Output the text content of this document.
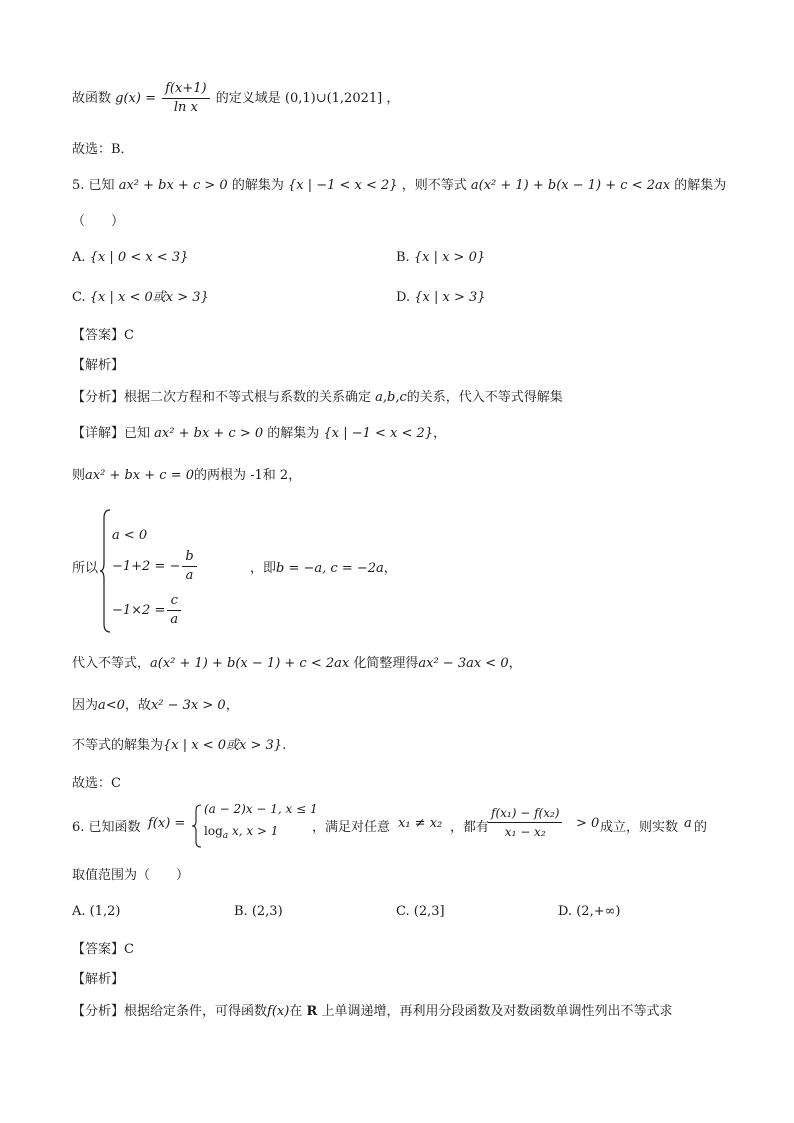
故函数 $g(x) = \frac{f(x+1)}{\text{ln x}}$ 的定义域是 (0,1)∪(1,2021] ，
故选：B．
5. 已知 ax² + bx + c > 0 的解集为 {x | −1 < x < 2} ，则不等式 a(x² + 1) + b(x − 1) + c < 2ax 的解集为
（　　）
A. {x | 0 < x < 3}	B. {x | x > 0}
C. {x | x < 0或x > 3}	D. {x | x > 3}
【答案】C
【解析】
【分析】根据二次方程和不等式根与系数的关系确定 a,b,c的关系，代入不等式得解集
【详解】已知 ax² + bx + c > 0 的解集为 {x | −1 < x < 2}，
则ax² + bx + c = 0的两根为 -1和 2，
所以
a < 0
−1+2 = − $\frac{b}{a}$
$-1\times 2 = \frac{c}{a}$
，即b = −a, c = −2a，
代入不等式，a(x² + 1) + b(x − 1) + c < 2ax 化简整理得ax² − 3ax < 0，
因为a<0，故x² − 3x > 0，
不等式的解集为{x | x < 0或x > 3}.
故选：C
6. 已知函数 f(x) =
(a − 2)x − 1, x ≤ 1
$\log_a x$, x > 1	，满足对任意 x₁ ≠ x₂ ，都有
$\frac{\text{f(x₁) − f(x₂)}}{\text{x₁ − x₂}} > 0$ 成立，则实数 a 的
取值范围为（　　）
A. (1,2)	B. (2,3)	C. (2,3]	D. (2,+∞)
【答案】C
【解析】
【分析】根据给定条件，可得函数f(x)在 R 上单调递增，再利用分段函数及对数函数单调性列出不等式求
